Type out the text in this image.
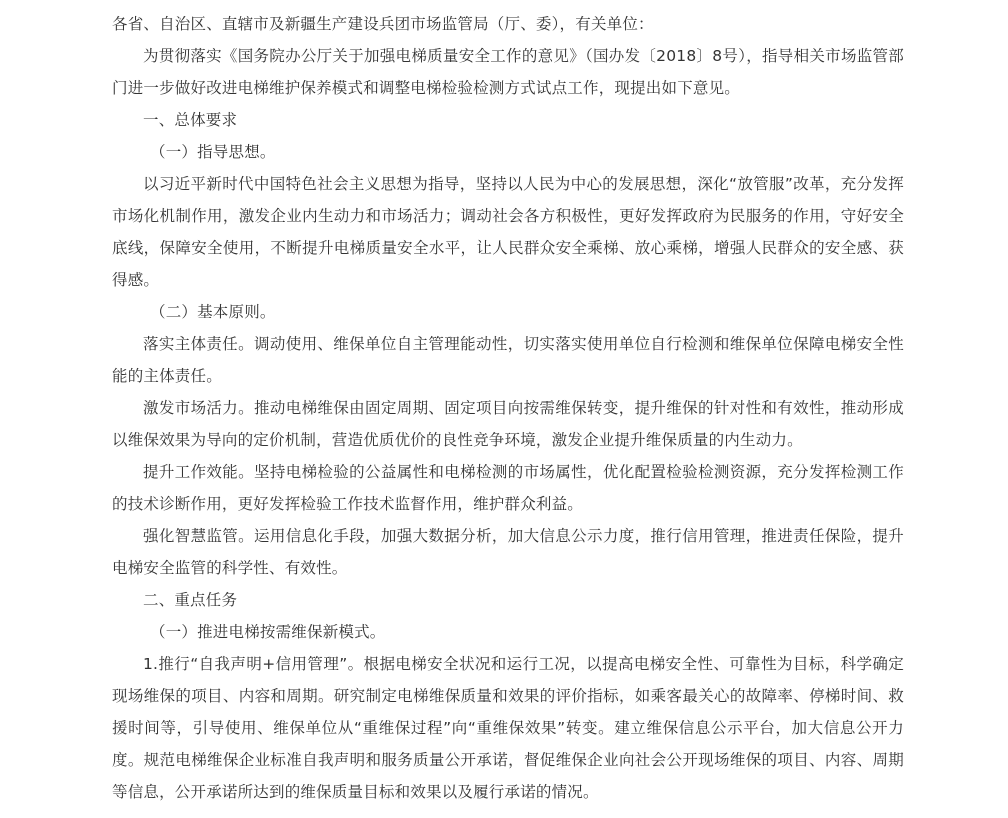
各省、自治区、直辖市及新疆生产建设兵团市场监管局（厅、委），有关单位：

为贯彻落实《国务院办公厅关于加强电梯质量安全工作的意见》（国办发〔2018〕8号），指导相关市场监管部门进一步做好改进电梯维护保养模式和调整电梯检验检测方式试点工作，现提出如下意见。

一、总体要求

（一）指导思想。

以习近平新时代中国特色社会主义思想为指导，坚持以人民为中心的发展思想，深化“放管服”改革，充分发挥市场化机制作用，激发企业内生动力和市场活力；调动社会各方积极性，更好发挥政府为民服务的作用，守好安全底线，保障安全使用，不断提升电梯质量安全水平，让人民群众安全乘梯、放心乘梯，增强人民群众的安全感、获得感。

（二）基本原则。

落实主体责任。调动使用、维保单位自主管理能动性，切实落实使用单位自行检测和维保单位保障电梯安全性能的主体责任。

激发市场活力。推动电梯维保由固定周期、固定项目向按需维保转变，提升维保的针对性和有效性，推动形成以维保效果为导向的定价机制，营造优质优价的良性竞争环境，激发企业提升维保质量的内生动力。

提升工作效能。坚持电梯检验的公益属性和电梯检测的市场属性，优化配置检验检测资源，充分发挥检测工作的技术诊断作用，更好发挥检验工作技术监督作用，维护群众利益。

强化智慧监管。运用信息化手段，加强大数据分析，加大信息公示力度，推行信用管理，推进责任保险，提升电梯安全监管的科学性、有效性。

二、重点任务

（一）推进电梯按需维保新模式。

1.推行“自我声明+信用管理”。根据电梯安全状况和运行工况，以提高电梯安全性、可靠性为目标，科学确定现场维保的项目、内容和周期。研究制定电梯维保质量和效果的评价指标，如乘客最关心的故障率、停梯时间、救援时间等，引导使用、维保单位从“重维保过程”向“重维保效果”转变。建立维保信息公示平台，加大信息公开力度。规范电梯维保企业标准自我声明和服务质量公开承诺，督促维保企业向社会公开现场维保的项目、内容、周期等信息，公开承诺所达到的维保质量目标和效果以及履行承诺的情况。
